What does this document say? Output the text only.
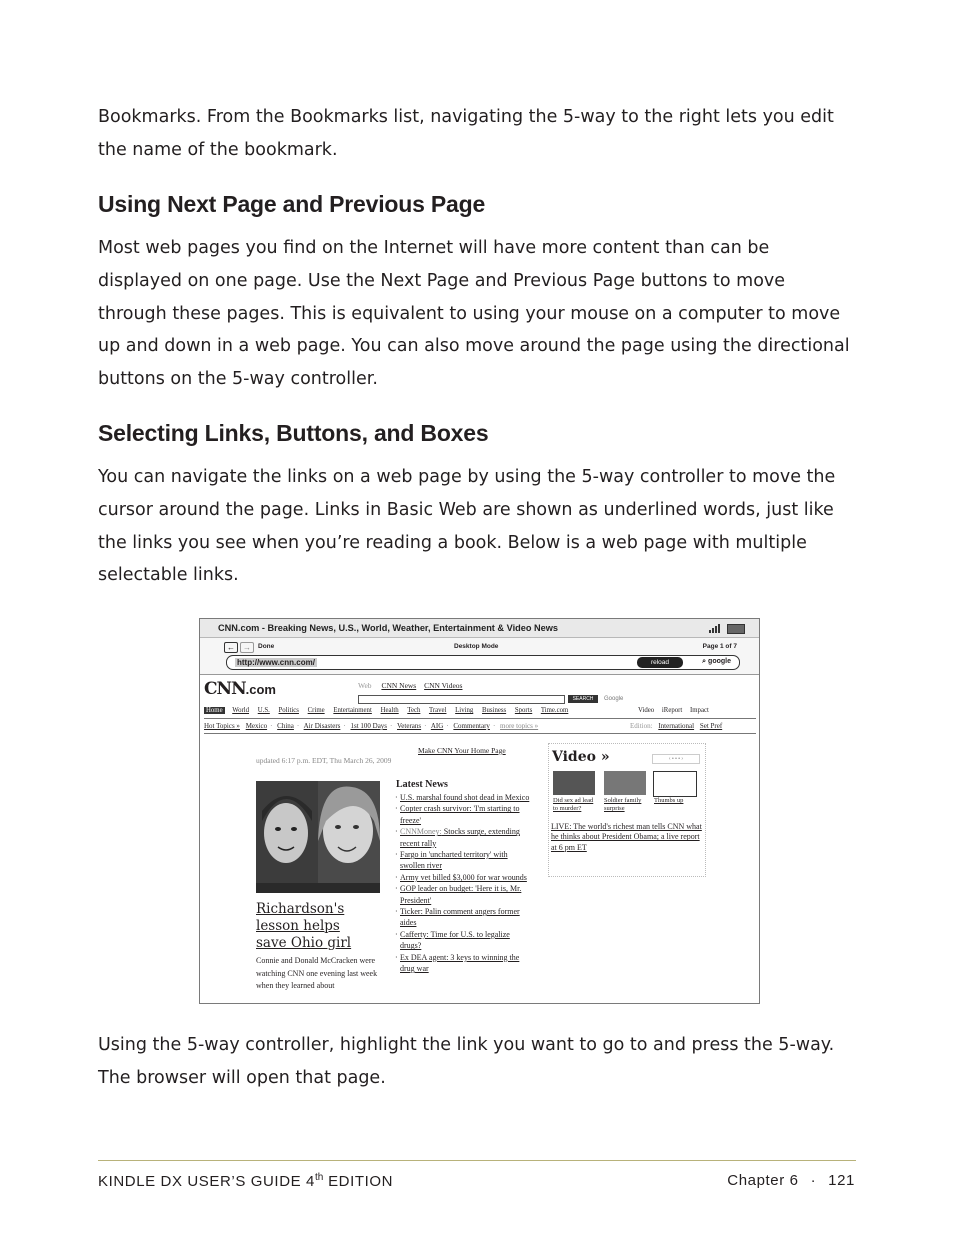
Bookmarks. From the Bookmarks list, navigating the 5-way to the right lets you edit the name of the bookmark.

Using Next Page and Previous Page

Most web pages you find on the Internet will have more content than can be displayed on one page. Use the Next Page and Previous Page buttons to move through these pages. This is equivalent to using your mouse on a computer to move up and down in a web page. You can also move around the page using the directional buttons on the 5-way controller.

Selecting Links, Buttons, and Boxes

You can navigate the links on a web page by using the 5-way controller to move the cursor around the page. Links in Basic Web are shown as underlined words, just like the links you see when you’re reading a book. Below is a web page with multiple selectable links.

CNN.com - Breaking News, U.S., World, Weather, Entertainment & Video News
←	→	Done	Desktop Mode	Page 1 of 7
http://www.cnn.com/	reload	⌕ google
CNN.com	Web CNN News CNN Videos
SEARCH	Google
Home World U.S. Politics Crime Entertainment Health Tech Travel Living Business Sports Time.com	Video iReport Impact
Hot Topics » Mexico · China · Air Disasters · 1st 100 Days · Veterans · AIG · Commentary · more topics »	Edition: International Set Pref
Make CNN Your Home Page
updated 6:17 p.m. EDT, Thu March 26, 2009
Richardson's
lesson helps
save Ohio girl
Connie and Donald McCracken were watching CNN one evening last week when they learned about
Latest News
· U.S. marshal found shot dead in Mexico
· Copter crash survivor: 'I'm starting to freeze'
· CNNMoney: Stocks surge, extending recent rally
· Fargo in 'uncharted territory' with swollen river
· Army vet billed $3,000 for war wounds
· GOP leader on budget: 'Here it is, Mr. President'
· Ticker: Palin comment angers former aides
· Cafferty: Time for U.S. to legalize drugs?
· Ex DEA agent: 3 keys to winning the drug war
Video »	‹ • • • ›
Did sex ad lead to murder?
Soldier family surprise
Thumbs up
LIVE: The world's richest man tells CNN what he thinks about President Obama; a live report at 6 pm ET

Using the 5-way controller, highlight the link you want to go to and press the 5-way. The browser will open that page.

KINDLE DX USER’S GUIDE 4th EDITION	Chapter 6 · 121
